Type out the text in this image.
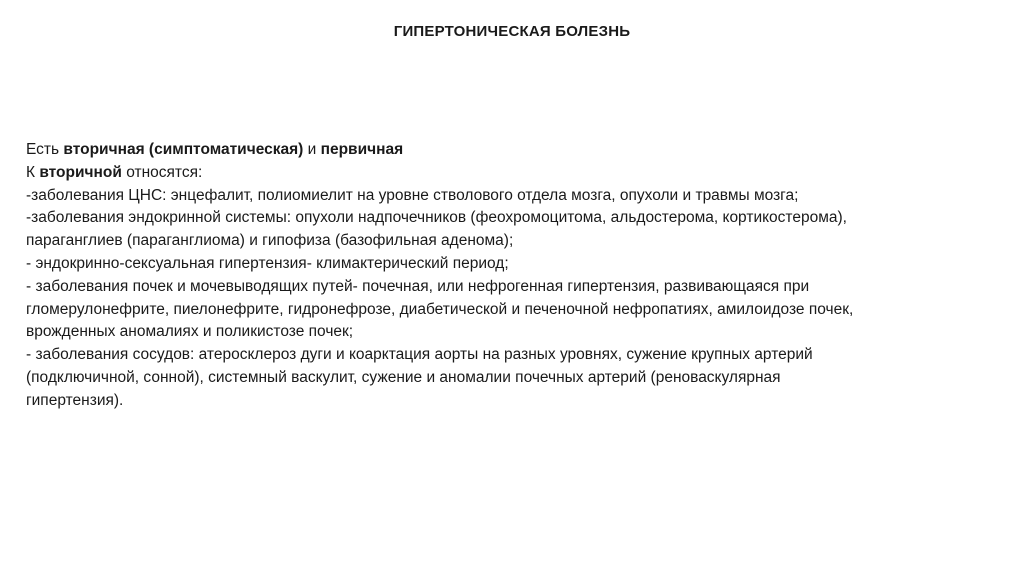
ГИПЕРТОНИЧЕСКАЯ БОЛЕЗНЬ
Есть вторичная (симптоматическая) и первичная
К вторичной относятся:
-заболевания ЦНС: энцефалит, полиомиелит на уровне стволового отдела мозга, опухоли и травмы мозга;
-заболевания эндокринной системы: опухоли надпочечников (феохромоцитома, альдостерома, кортикостерома),
параганглиев (параганглиома) и гипофиза (базофильная аденома);
- эндокринно-сексуальная гипертензия- климактерический период;
- заболевания почек и мочевыводящих путей- почечная, или нефрогенная гипертензия, развивающаяся при
гломерулонефрите, пиелонефрите, гидронефрозе, диабетической и печеночной нефропатиях, амилоидозе почек,
врожденных аномалиях и поликистозе почек;
- заболевания сосудов: атеросклероз дуги и коарктация аорты на разных уровнях, сужение крупных артерий
(подключичной, сонной), системный васкулит, сужение и аномалии почечных артерий (реноваскулярная
гипертензия).
